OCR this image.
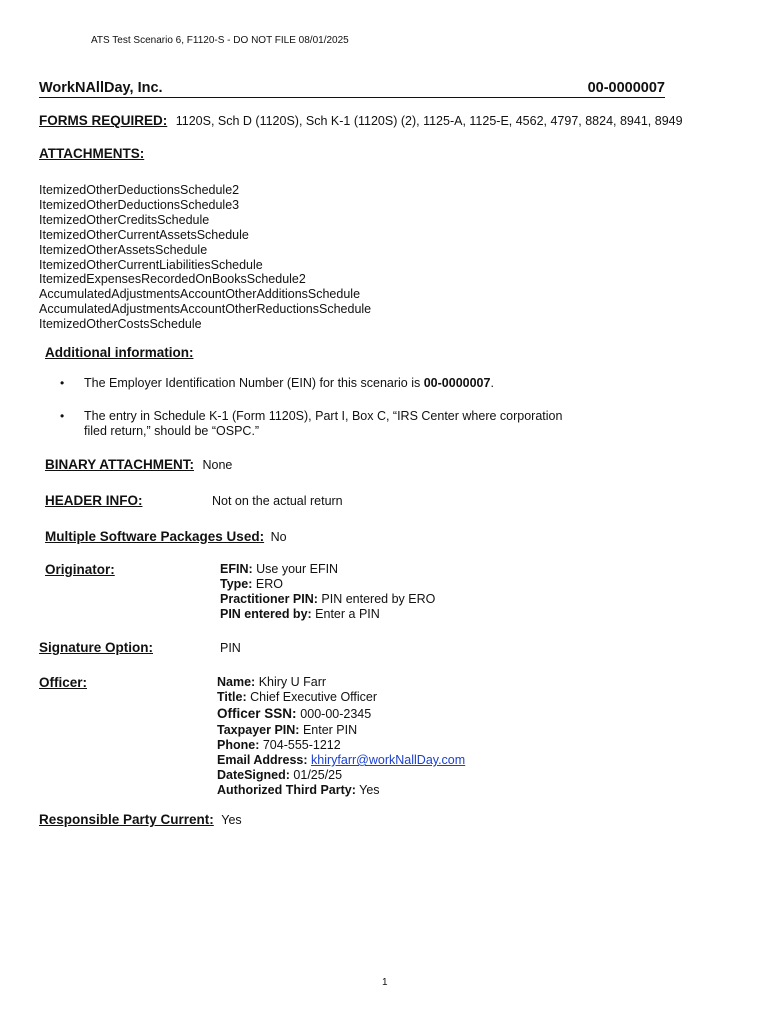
ATS Test Scenario 6, F1120-S - DO NOT FILE 08/01/2025
WorkNAllDay, Inc.	00-0000007
FORMS REQUIRED: 1120S, Sch D (1120S), Sch K-1 (1120S) (2), 1125-A, 1125-E, 4562, 4797, 8824, 8941, 8949
ATTACHMENTS:
ItemizedOtherDeductionsSchedule2
ItemizedOtherDeductionsSchedule3
ItemizedOtherCreditsSchedule
ItemizedOtherCurrentAssetsSchedule
ItemizedOtherAssetsSchedule
ItemizedOtherCurrentLiabilitiesSchedule
ItemizedExpensesRecordedOnBooksSchedule2
AccumulatedAdjustmentsAccountOtherAdditionsSchedule
AccumulatedAdjustmentsAccountOtherReductionsSchedule
ItemizedOtherCostsSchedule
Additional information:
• The Employer Identification Number (EIN) for this scenario is 00-0000007.
• The entry in Schedule K-1 (Form 1120S), Part I, Box C, “IRS Center where corporation
filed return,” should be “OSPC.”
BINARY ATTACHMENT: None
HEADER INFO:	Not on the actual return
Multiple Software Packages Used: No
Originator:	EFIN: Use your EFIN
Type: ERO
Practitioner PIN: PIN entered by ERO
PIN entered by: Enter a PIN
Signature Option:	PIN
Officer:	Name: Khiry U Farr
Title: Chief Executive Officer
Officer SSN: 000-00-2345
Taxpayer PIN: Enter PIN
Phone: 704-555-1212
Email Address: khiryfarr@workNallDay.com
DateSigned: 01/25/25
Authorized Third Party: Yes
Responsible Party Current: Yes
1
